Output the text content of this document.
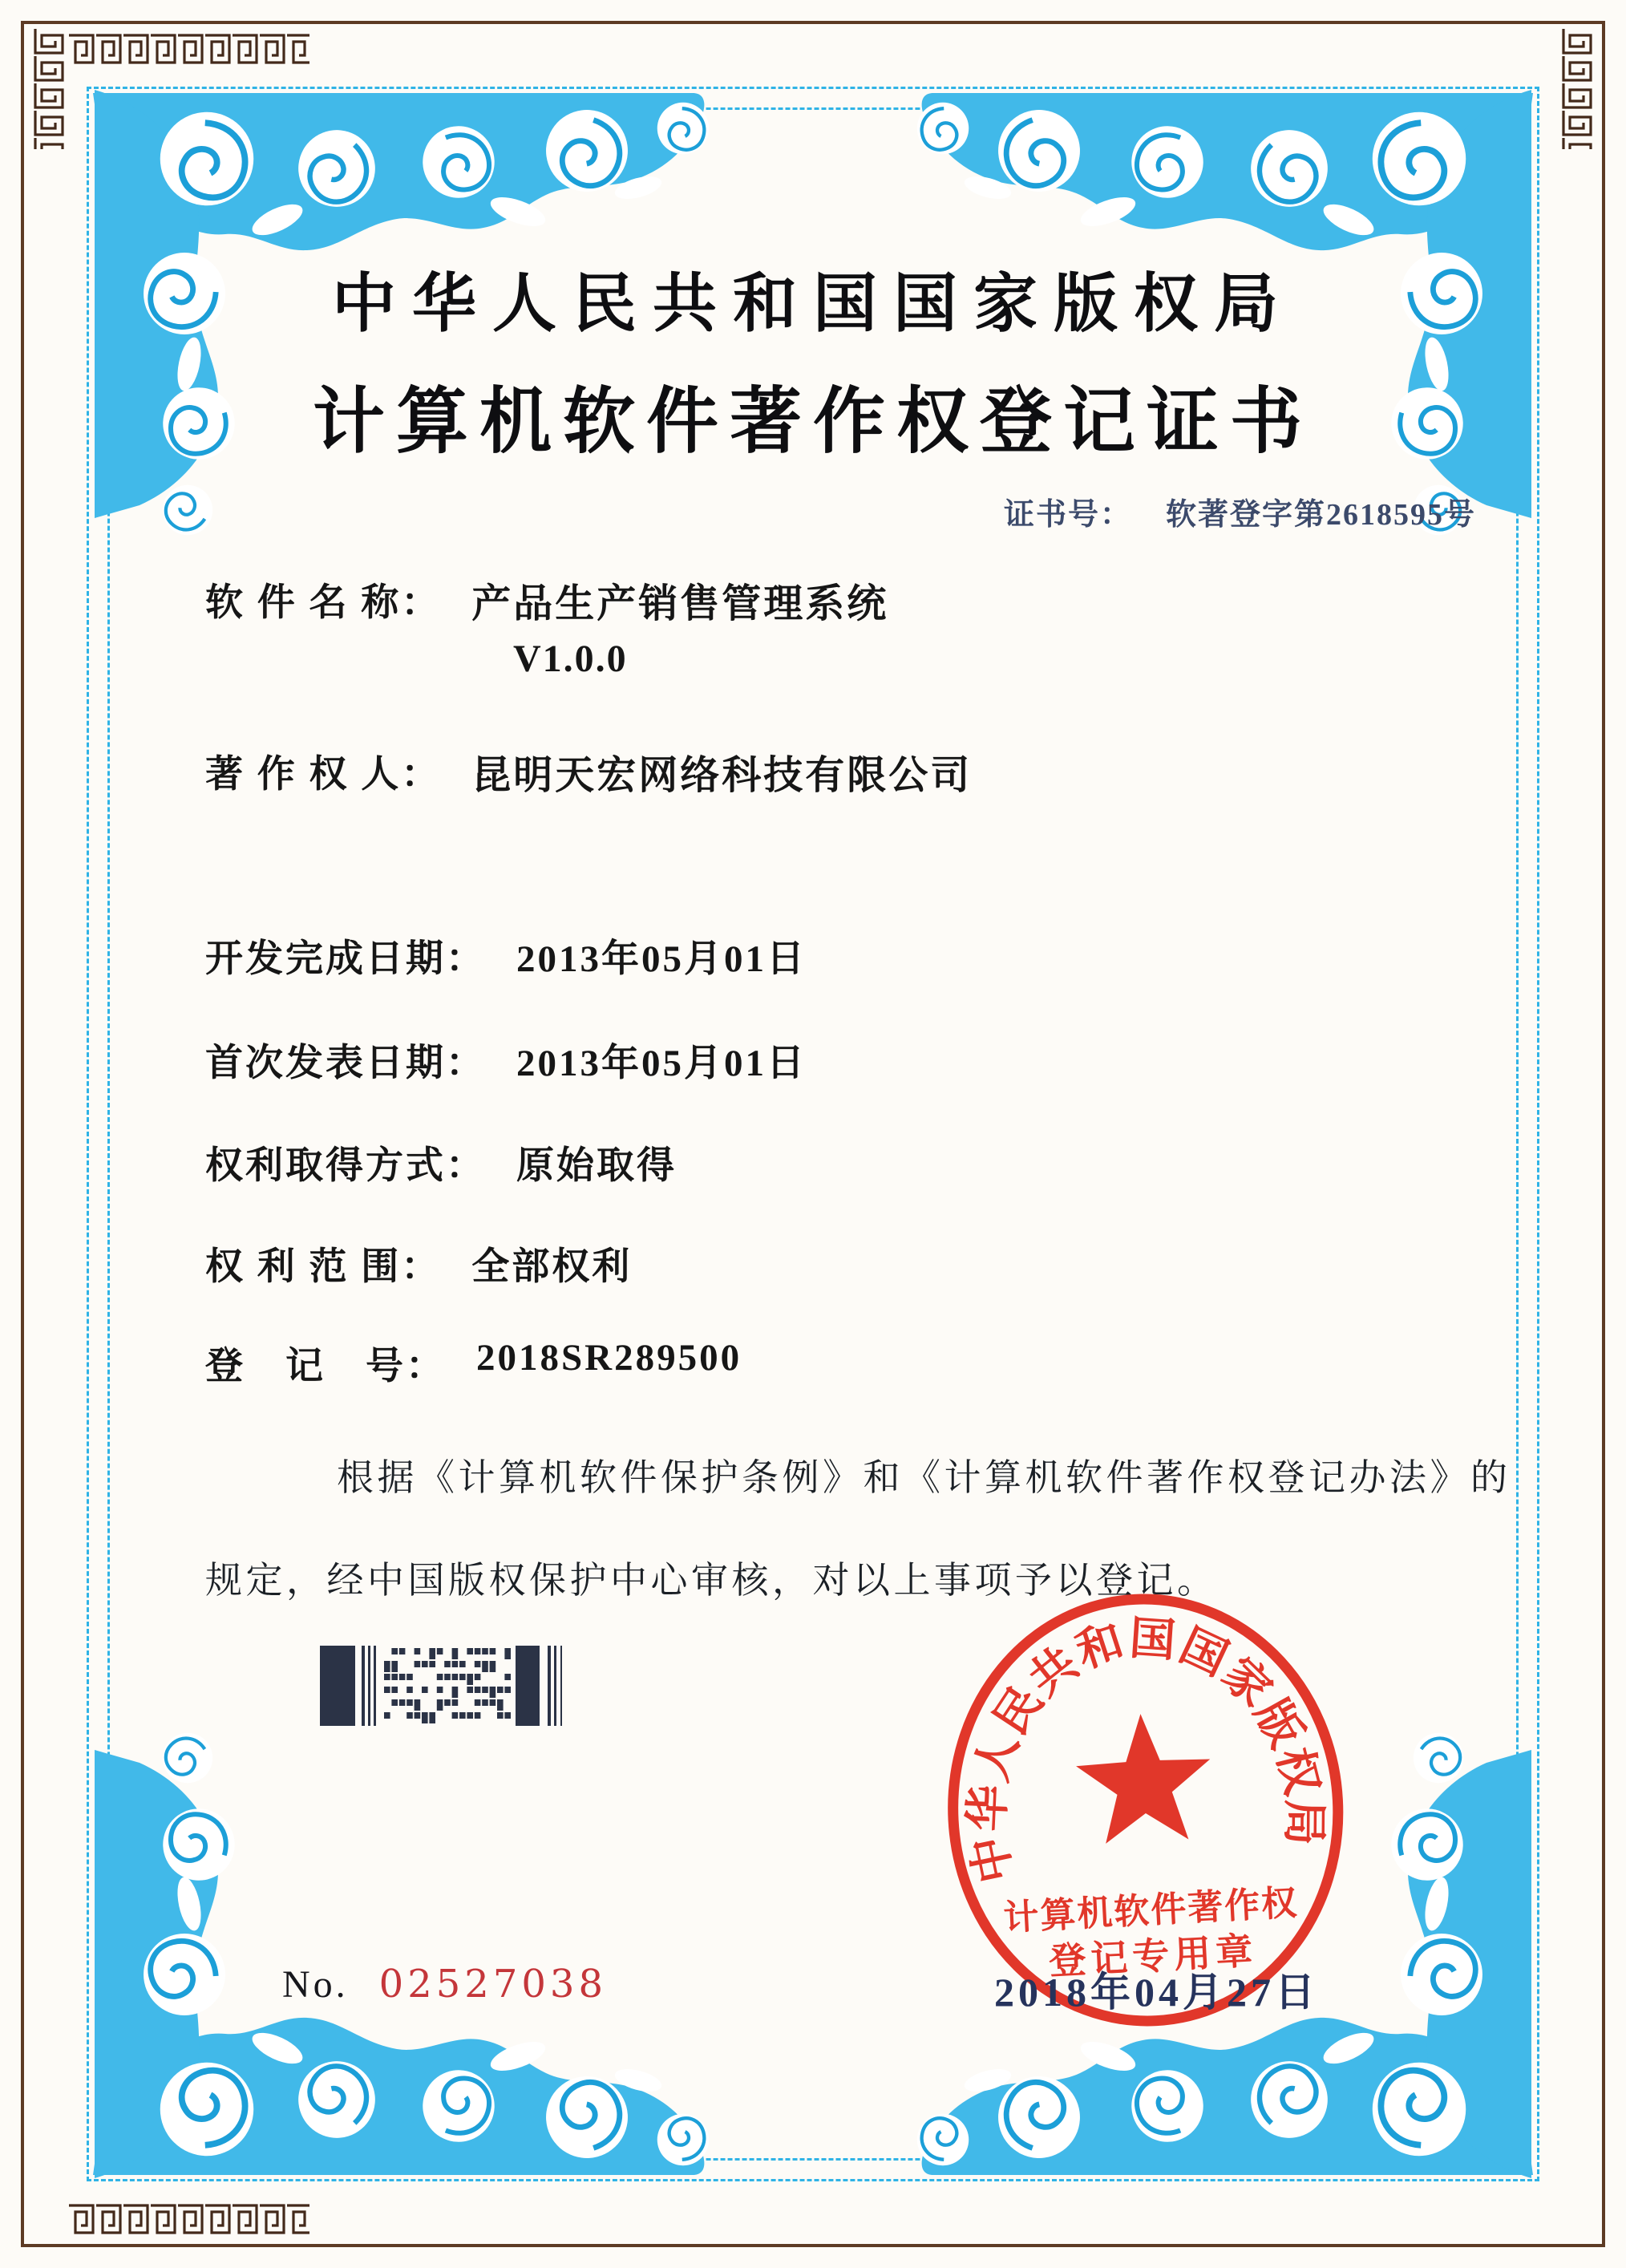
中华人民共和国国家版权局
计算机软件著作权登记证书
证书号： 软著登字第2618595号
软 件 名 称： 产品生产销售管理系统
V1.0.0
著 作 权 人： 昆明天宏网络科技有限公司
开发完成日期： 2013年05月01日
首次发表日期： 2013年05月01日
权利取得方式： 原始取得
权 利 范 围： 全部权利
登　记　号： 2018SR289500
根据《计算机软件保护条例》和《计算机软件著作权登记办法》的
规定，经中国版权保护中心审核，对以上事项予以登记。
中华人民共和国国家版权局
计算机软件著作权
登记专用章
2018年04月27日
No. 02527038
